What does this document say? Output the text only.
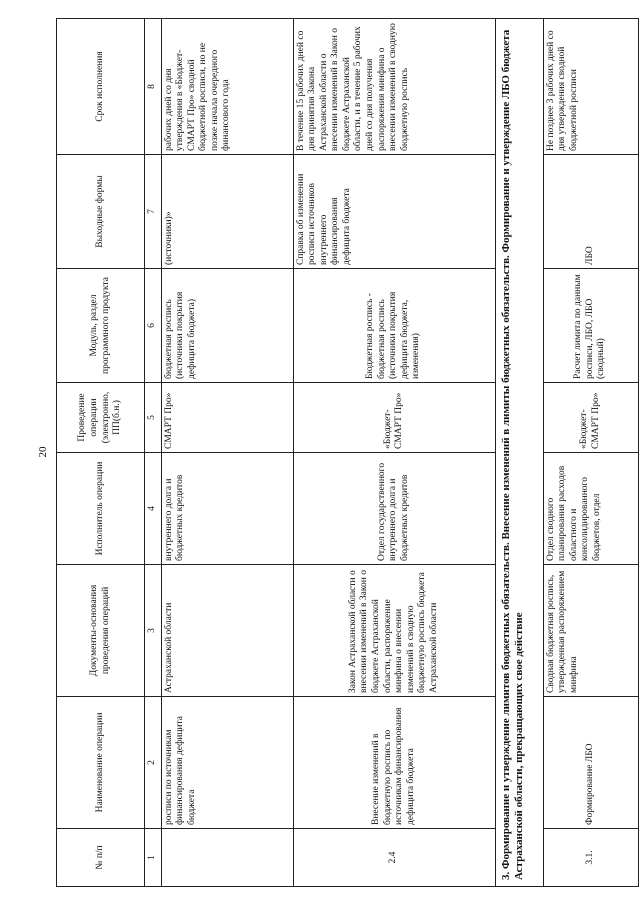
20
№ п/п	Наименование операции	Документы-основания проведения операций	Исполнитель операции	Проведение операции (электронно, ПП(б.н.)	Модуль, раздел программного продукта	Выходные формы	Срок исполнения
1	2	3	4	5	6	7	8
	росписи по источникам финансирования дефицита бюджета	Астраханской области	внутреннего долга и бюджетных кредитов	СМАРТ Про»	бюджетная роспись (источники покрытия дефицита бюджета)	(источники)»	рабочих дней со дня утверждения в «Бюджет-СМАРТ Про» сводной бюджетной росписи, но не позже начала очередного финансового года
2.4	Внесение изменений в бюджетную роспись по источникам финансирования дефицита бюджета	Закон Астраханской области о внесении изменений в Закон о бюджете Астраханской области, распоряжение минфина о внесении изменений в сводную бюджетную роспись бюджета Астраханской области	Отдел государственного внутреннего долга и бюджетных кредитов	«Бюджет-СМАРТ Про»	Бюджетная роспись - бюджетная роспись (источники покрытия дефицита бюджета, изменения)	Справка об изменении росписи источников внутреннего финансирования дефицита бюджета	В течение 15 рабочих дней со дня принятия Закона Астраханской области о внесении изменений в Закон о бюджете Астраханской области, и в течение 5 рабочих дней со дня получения распоряжения минфина о внесении изменений в сводную бюджетную роспись
3. Формирование и утверждение лимитов бюджетных обязательств. Внесение изменений в лимиты бюджетных обязательств. Формирование и утверждение ЛБО бюджета Астраханской области, прекращающих свое действие							
3.1.	Формирование ЛБО	Сводная бюджетная роспись, утвержденная распоряжением минфина	Отдел сводного планирования расходов областного и консолидированного бюджетов, отдел	«Бюджет-СМАРТ Про»	Расчет лимита по данным росписи, ЛБО, ЛБО (сводный)	ЛБО	Не позднее 3 рабочих дней со дня утверждения сводной бюджетной росписи
